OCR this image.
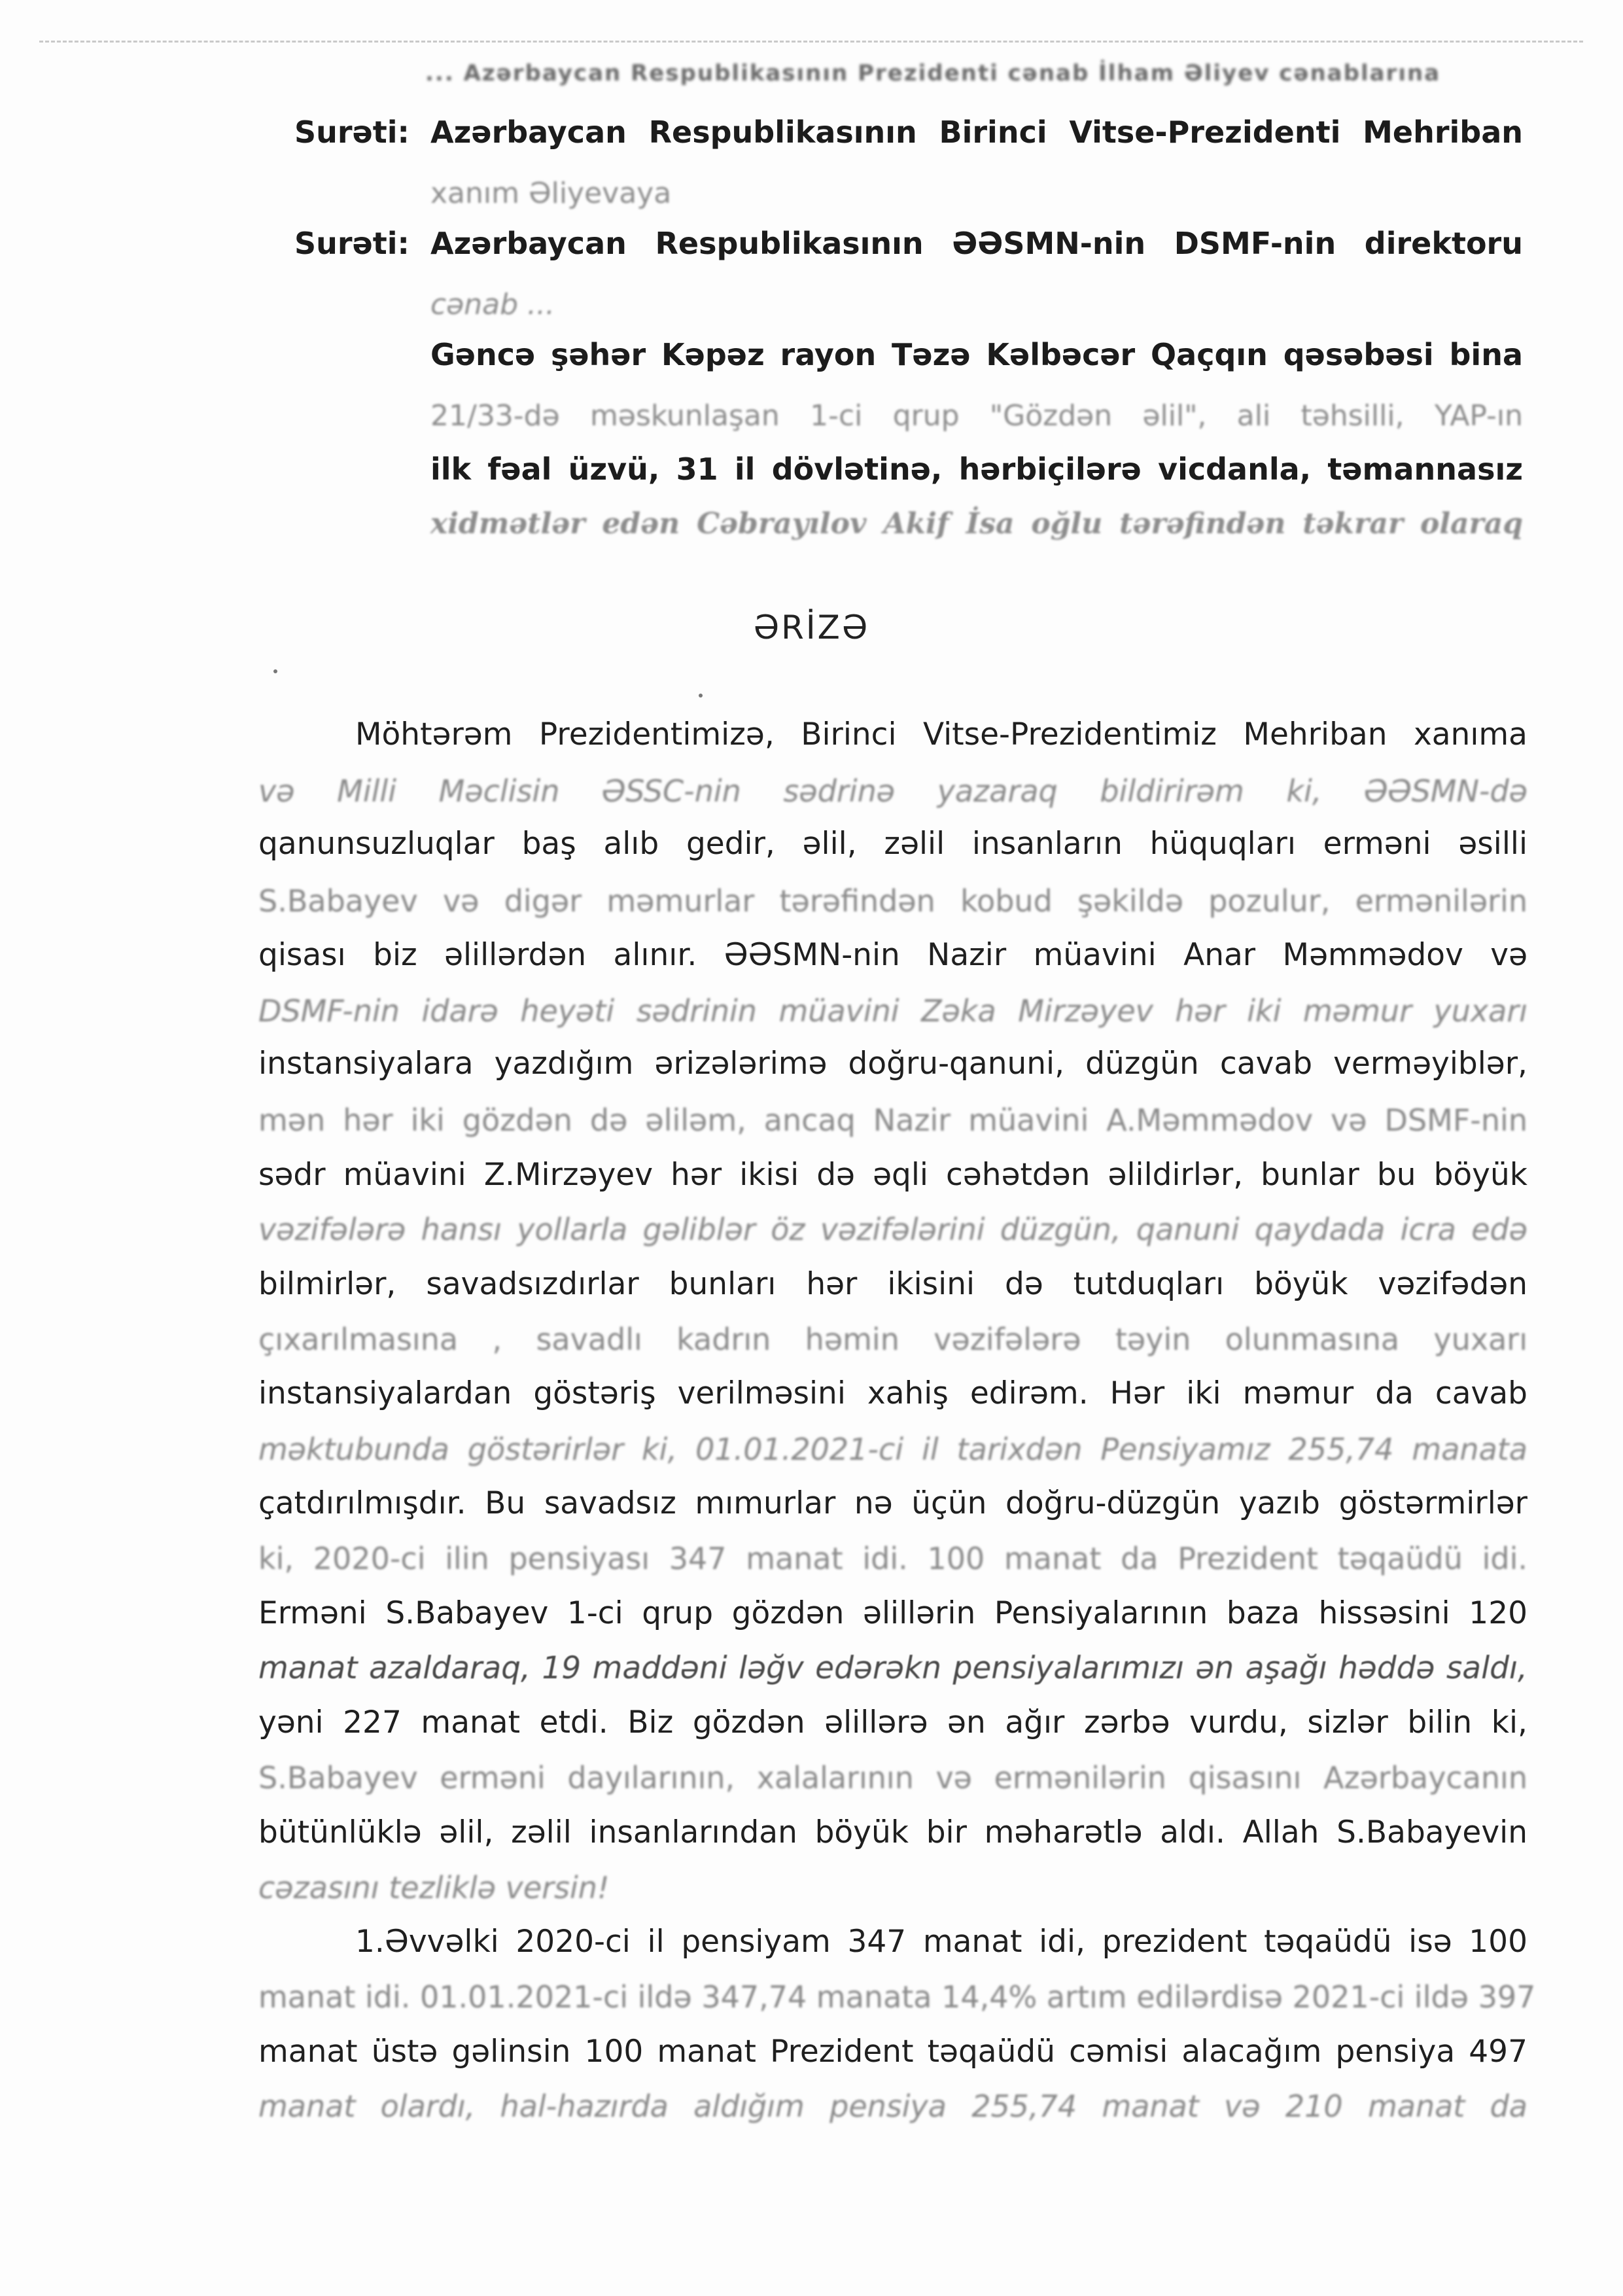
... Azərbaycan Respublikasının Prezidenti cənab İlham Əliyev cənablarına
Surəti: Azərbaycan Respublikasının Birinci Vitse-Prezidenti Mehriban
xanım Əliyevaya
Surəti: Azərbaycan Respublikasının ƏƏSMN-nin DSMF-nin direktoru
cənab ...
Gəncə şəhər Kəpəz rayon Təzə Kəlbəcər Qaçqın qəsəbəsi bina
21/33-də məskunlaşan 1-ci qrup "Gözdən əlil", ali təhsilli, YAP-ın
ilk fəal üzvü, 31 il dövlətinə, hərbiçilərə vicdanla, təmannasız
xidmətlər edən Cəbrayılov Akif İsa oğlu tərəfindən təkrar olaraq
ƏRİZƏ
Möhtərəm Prezidentimizə, Birinci Vitse-Prezidentimiz Mehriban xanıma
və Milli Məclisin ƏSSC-nin sədrinə yazaraq bildirirəm ki, ƏƏSMN-də
qanunsuzluqlar baş alıb gedir, əlil, zəlil insanların hüquqları erməni əsilli
S.Babayev və digər məmurlar tərəfindən kobud şəkildə pozulur, ermənilərin
qisası biz əlillərdən alınır. ƏƏSMN-nin Nazir müavini Anar Məmmədov və
DSMF-nin idarə heyəti sədrinin müavini Zəka Mirzəyev hər iki məmur yuxarı
instansiyalara yazdığım ərizələrimə doğru-qanuni, düzgün cavab verməyiblər,
mən hər iki gözdən də əliləm, ancaq Nazir müavini A.Məmmədov və DSMF-nin
sədr müavini Z.Mirzəyev hər ikisi də əqli cəhətdən əlildirlər, bunlar bu böyük
vəzifələrə hansı yollarla gəliblər öz vəzifələrini düzgün, qanuni qaydada icra edə
bilmirlər, savadsızdırlar bunları hər ikisini də tutduqları böyük vəzifədən
çıxarılmasına , savadlı kadrın həmin vəzifələrə təyin olunmasına yuxarı
instansiyalardan göstəriş verilməsini xahiş edirəm. Hər iki məmur da cavab
məktubunda göstərirlər ki, 01.01.2021-ci il tarixdən Pensiyamız 255,74 manata
çatdırılmışdır. Bu savadsız mımurlar nə üçün doğru-düzgün yazıb göstərmirlər
ki, 2020-ci ilin pensiyası 347 manat idi. 100 manat da Prezident təqaüdü idi.
Erməni S.Babayev 1-ci qrup gözdən əlillərin Pensiyalarının baza hissəsini 120
manat azaldaraq, 19 maddəni ləğv edərəkn pensiyalarımızı ən aşağı həddə saldı,
yəni 227 manat etdi. Biz gözdən əlillərə ən ağır zərbə vurdu, sizlər bilin ki,
S.Babayev erməni dayılarının, xalalarının və ermənilərin qisasını Azərbaycanın
bütünlüklə əlil, zəlil insanlarından böyük bir məharətlə aldı. Allah S.Babayevin
cəzasını tezliklə versin!
1.Əvvəlki 2020-ci il pensiyam 347 manat idi, prezident təqaüdü isə 100
manat idi. 01.01.2021-ci ildə 347,74 manata 14,4% artım edilərdisə 2021-ci ildə 397
manat üstə gəlinsin 100 manat Prezident təqaüdü cəmisi alacağım pensiya 497
manat olardı, hal-hazırda aldığım pensiya 255,74 manat və 210 manat da
